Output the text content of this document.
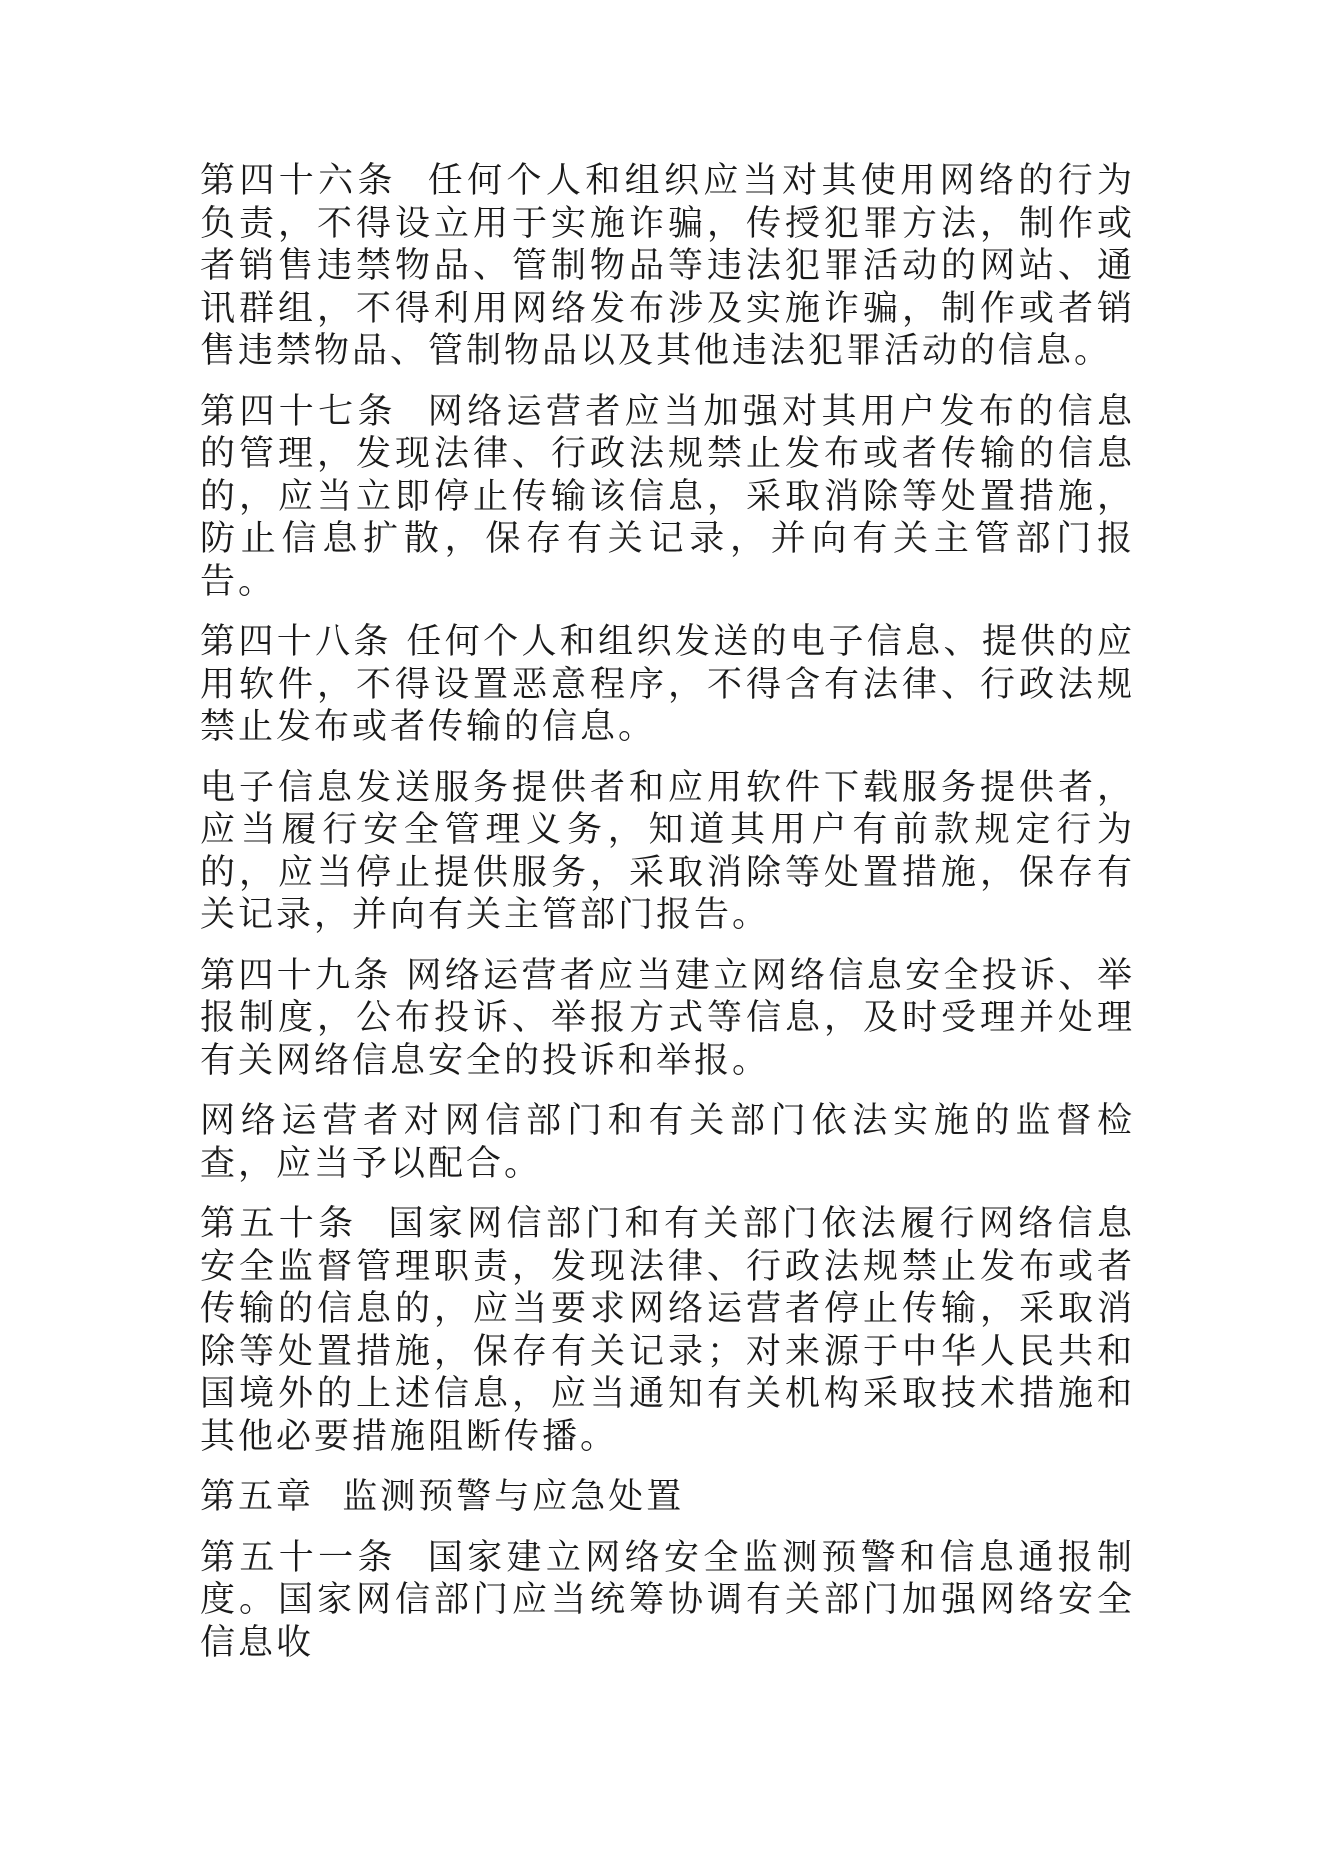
第四十六条  任何个人和组织应当对其使用网络的行为负责，不得设立用于实施诈骗，传授犯罪方法，制作或者销售违禁物品、管制物品等违法犯罪活动的网站、通讯群组，不得利用网络发布涉及实施诈骗，制作或者销售违禁物品、管制物品以及其他违法犯罪活动的信息。

第四十七条  网络运营者应当加强对其用户发布的信息的管理，发现法律、行政法规禁止发布或者传输的信息的，应当立即停止传输该信息，采取消除等处置措施，防止信息扩散，保存有关记录，并向有关主管部门报告。

第四十八条 任何个人和组织发送的电子信息、提供的应用软件，不得设置恶意程序，不得含有法律、行政法规禁止发布或者传输的信息。

电子信息发送服务提供者和应用软件下载服务提供者，应当履行安全管理义务，知道其用户有前款规定行为的，应当停止提供服务，采取消除等处置措施，保存有关记录，并向有关主管部门报告。

第四十九条 网络运营者应当建立网络信息安全投诉、举报制度，公布投诉、举报方式等信息，及时受理并处理有关网络信息安全的投诉和举报。

网络运营者对网信部门和有关部门依法实施的监督检查，应当予以配合。

第五十条  国家网信部门和有关部门依法履行网络信息安全监督管理职责，发现法律、行政法规禁止发布或者传输的信息的，应当要求网络运营者停止传输，采取消除等处置措施，保存有关记录；对来源于中华人民共和国境外的上述信息，应当通知有关机构采取技术措施和其他必要措施阻断传播。

第五章  监测预警与应急处置

第五十一条  国家建立网络安全监测预警和信息通报制度。国家网信部门应当统筹协调有关部门加强网络安全信息收
